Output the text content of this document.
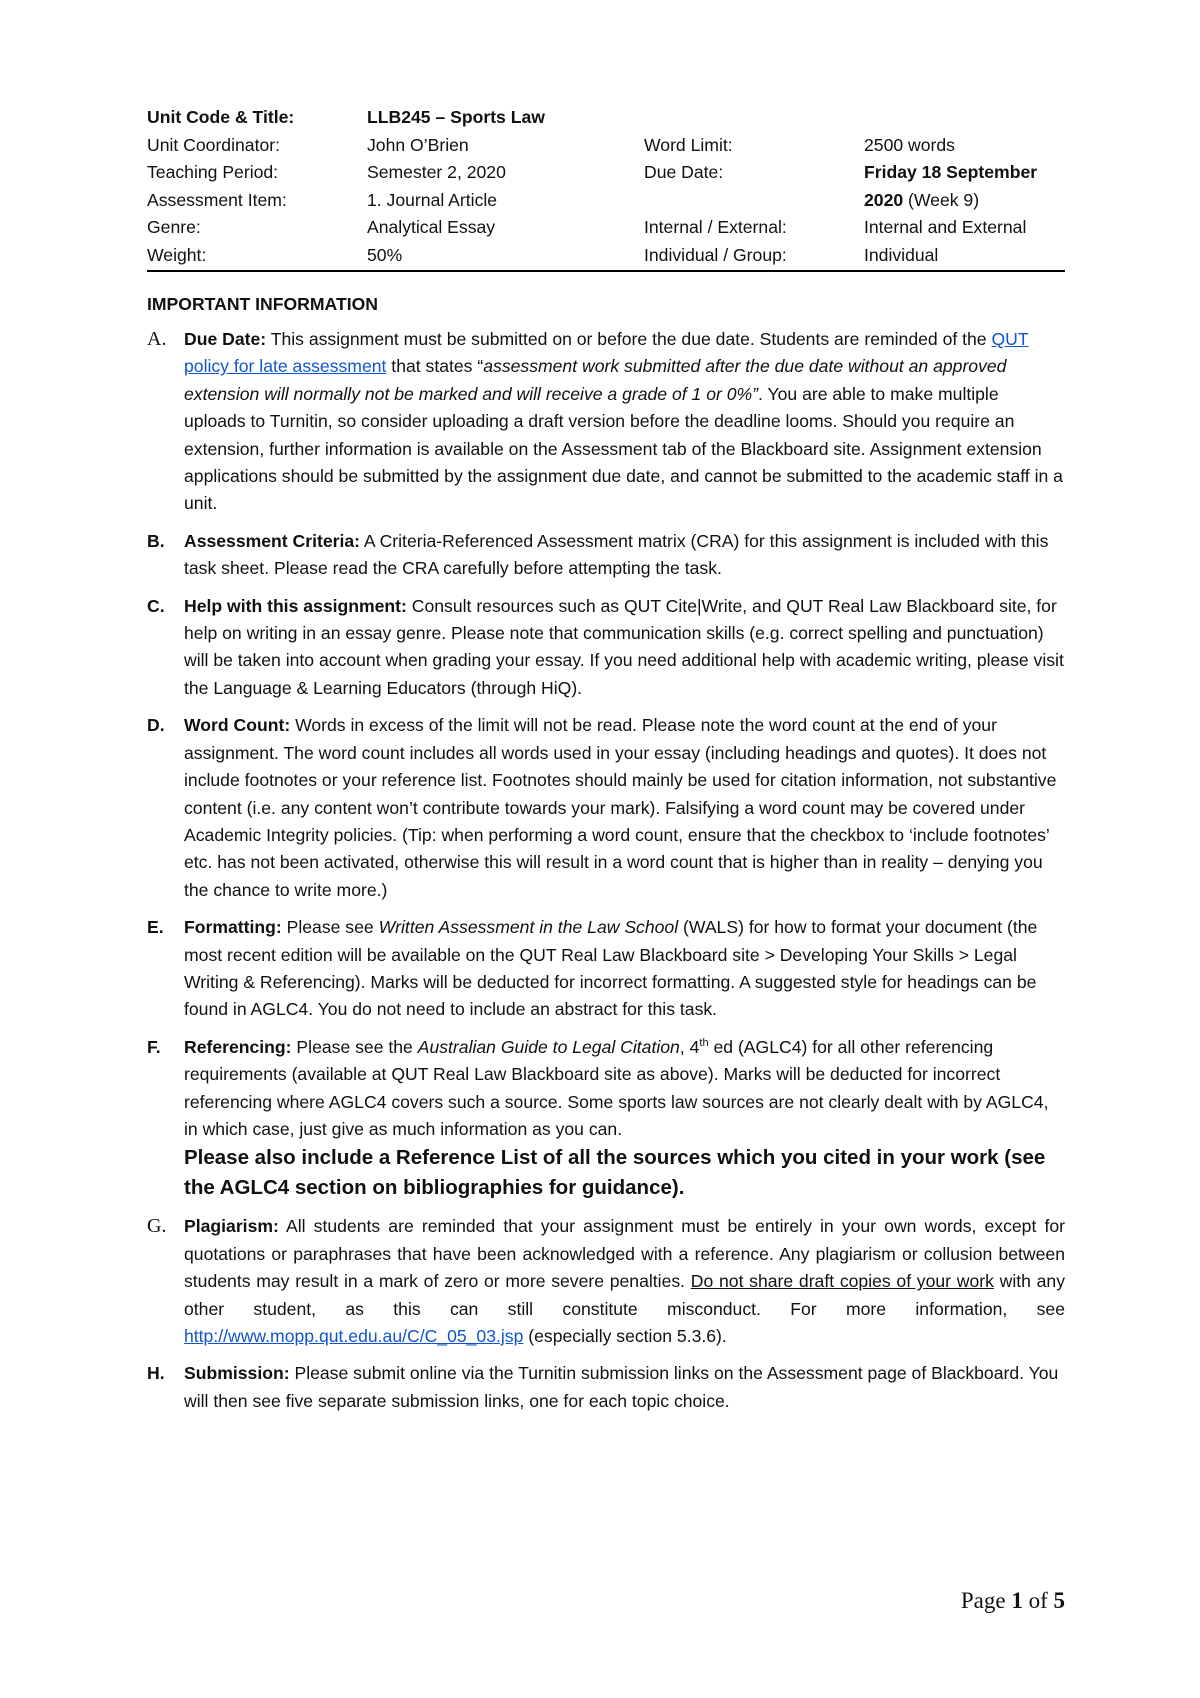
Unit Code & Title:	LLB245 – Sports Law		
Unit Coordinator:	John O’Brien	Word Limit:	2500 words
Teaching Period:	Semester 2, 2020	Due Date:	Friday 18 September
Assessment Item:	1. Journal Article		2020 (Week 9)
Genre:	Analytical Essay	Internal / External:	Internal and External
Weight:	50%	Individual / Group:	Individual
IMPORTANT INFORMATION
A. Due Date: This assignment must be submitted on or before the due date. Students are reminded of the QUT policy for late assessment that states “assessment work submitted after the due date without an approved extension will normally not be marked and will receive a grade of 1 or 0%”. You are able to make multiple uploads to Turnitin, so consider uploading a draft version before the deadline looms. Should you require an extension, further information is available on the Assessment tab of the Blackboard site. Assignment extension applications should be submitted by the assignment due date, and cannot be submitted to the academic staff in a unit.

B. Assessment Criteria: A Criteria-Referenced Assessment matrix (CRA) for this assignment is included with this task sheet. Please read the CRA carefully before attempting the task.

C. Help with this assignment: Consult resources such as QUT Cite|Write, and QUT Real Law Blackboard site, for help on writing in an essay genre. Please note that communication skills (e.g. correct spelling and punctuation) will be taken into account when grading your essay. If you need additional help with academic writing, please visit the Language & Learning Educators (through HiQ).

D. Word Count: Words in excess of the limit will not be read. Please note the word count at the end of your assignment. The word count includes all words used in your essay (including headings and quotes). It does not include footnotes or your reference list. Footnotes should mainly be used for citation information, not substantive content (i.e. any content won’t contribute towards your mark). Falsifying a word count may be covered under Academic Integrity policies. (Tip: when performing a word count, ensure that the checkbox to ‘include footnotes’ etc. has not been activated, otherwise this will result in a word count that is higher than in reality – denying you the chance to write more.)

E. Formatting: Please see Written Assessment in the Law School (WALS) for how to format your document (the most recent edition will be available on the QUT Real Law Blackboard site > Developing Your Skills > Legal Writing & Referencing). Marks will be deducted for incorrect formatting. A suggested style for headings can be found in AGLC4. You do not need to include an abstract for this task.

F. Referencing: Please see the Australian Guide to Legal Citation, 4th ed (AGLC4) for all other referencing requirements (available at QUT Real Law Blackboard site as above). Marks will be deducted for incorrect referencing where AGLC4 covers such a source. Some sports law sources are not clearly dealt with by AGLC4, in which case, just give as much information as you can.

Please also include a Reference List of all the sources which you cited in your work (see the AGLC4 section on bibliographies for guidance).

G. Plagiarism: All students are reminded that your assignment must be entirely in your own words, except for quotations or paraphrases that have been acknowledged with a reference. Any plagiarism or collusion between students may result in a mark of zero or more severe penalties. Do not share draft copies of your work with any other student, as this can still constitute misconduct. For more information, see http://www.mopp.qut.edu.au/C/C_05_03.jsp (especially section 5.3.6).

H. Submission: Please submit online via the Turnitin submission links on the Assessment page of Blackboard. You will then see five separate submission links, one for each topic choice.

Page 1 of 5
